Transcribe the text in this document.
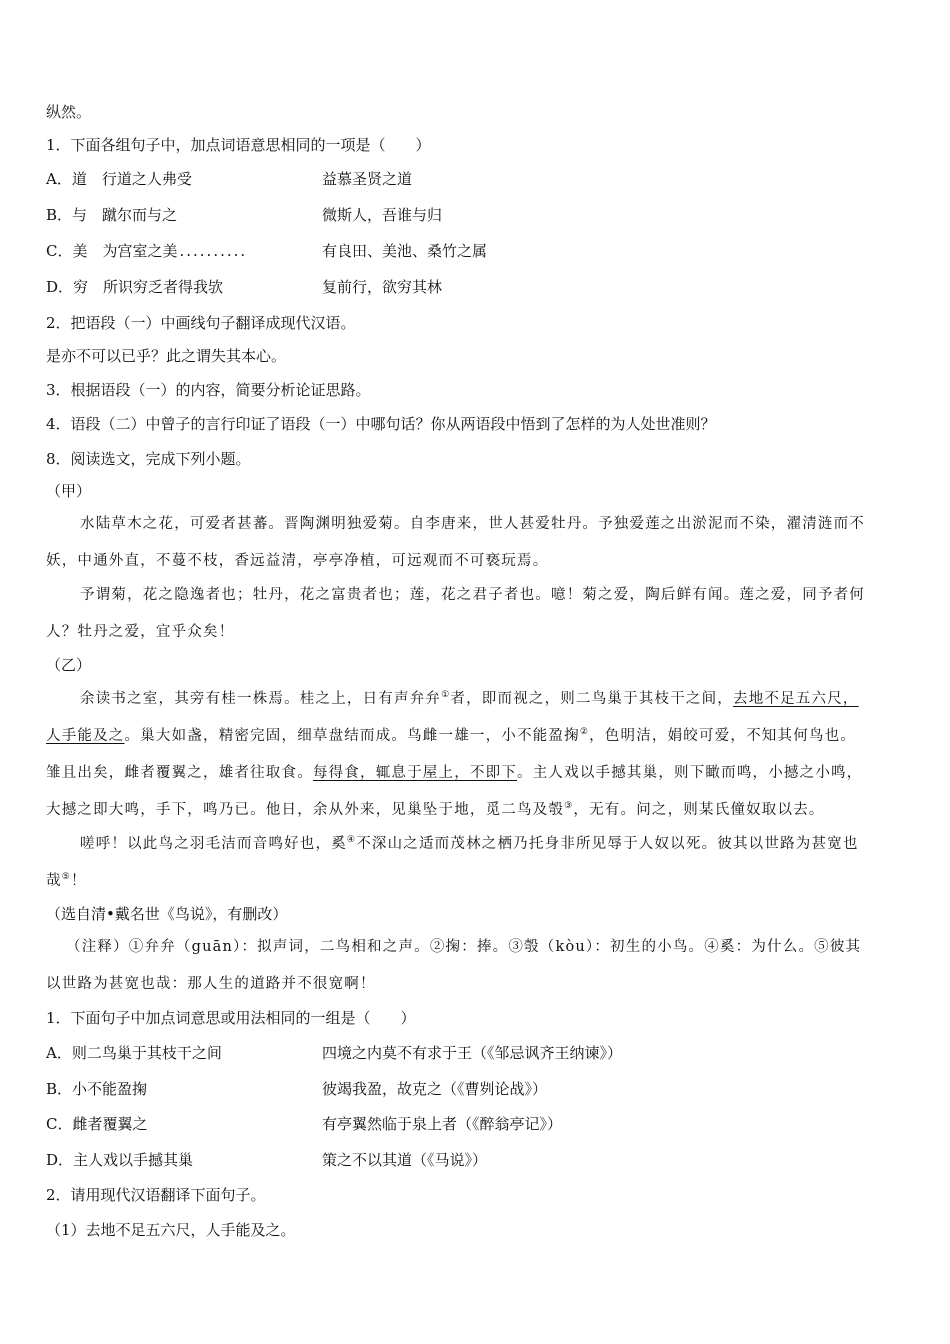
纵然。
1．下面各组句子中，加点词语意思相同的一项是（　　）
A．道　行道之人弗受	益慕圣贤之道
B．与　蹴尔而与之	微斯人，吾谁与归
C．美　为宫室之美 ..........	有良田、美池、桑竹之属
D．穷　所识穷乏者得我欤	复前行，欲穷其林
2．把语段（一）中画线句子翻译成现代汉语。
是亦不可以已乎？此之谓失其本心。
3．根据语段（一）的内容，简要分析论证思路。
4．语段（二）中曾子的言行印证了语段（一）中哪句话？你从两语段中悟到了怎样的为人处世准则？
8．阅读选文，完成下列小题。
（甲）
水陆草木之花，可爱者甚蕃。晋陶渊明独爱菊。自李唐来，世人甚爱牡丹。予独爱莲之出淤泥而不染，濯清涟而不
妖，中通外直，不蔓不枝，香远益清，亭亭净植，可远观而不可亵玩焉。
予谓菊，花之隐逸者也；牡丹，花之富贵者也；莲，花之君子者也。噫！菊之爱，陶后鲜有闻。莲之爱，同予者何
人？牡丹之爱，宜乎众矣！
（乙）
余读书之室，其旁有桂一株焉。桂之上，日有声弁弁①者，即而视之，则二鸟巢于其枝干之间，去地不足五六尺，
人手能及之。巢大如盏，精密完固，细草盘结而成。鸟雌一雄一，小不能盈掬②，色明洁，娟皎可爱，不知其何鸟也。
雏且出矣，雌者覆翼之，雄者往取食。每得食，辄息于屋上，不即下。主人戏以手撼其巢，则下瞰而鸣，小撼之小鸣，
大撼之即大鸣，手下，鸣乃已。他日，余从外来，见巢坠于地，觅二鸟及彀③，无有。问之，则某氏僮奴取以去。
嗟呼！以此鸟之羽毛洁而音鸣好也，奚④不深山之适而茂林之栖乃托身非所见辱于人奴以死。彼其以世路为甚宽也
哉⑤！
（选自清•戴名世《鸟说》，有删改）
（注释）①弁弁（guān）：拟声词，二鸟相和之声。②掬：捧。③彀（kòu）：初生的小鸟。④奚：为什么。⑤彼其
以世路为甚宽也哉：那人生的道路并不很宽啊！
1．下面句子中加点词意思或用法相同的一组是（　　）
A．则二鸟巢于其枝干之间	四境之内莫不有求于王（《邹忌讽齐王纳谏》）
B．小不能盈掬	彼竭我盈，故克之（《曹刿论战》）
C．雌者覆翼之	有亭翼然临于泉上者（《醉翁亭记》）
D．主人戏以手撼其巢	策之不以其道（《马说》）
2．请用现代汉语翻译下面句子。
（1）去地不足五六尺，人手能及之。
